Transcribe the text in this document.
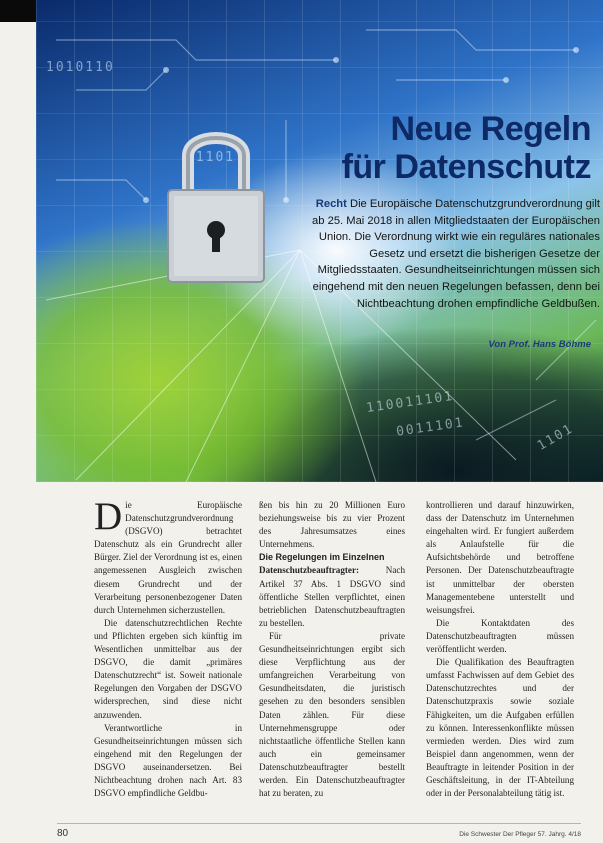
1010110
01101
110011101
0011101	1101
Neue Regeln
für Datenschutz
Recht Die Europäische Datenschutzgrundverordnung gilt ab 25. Mai 2018 in allen Mitgliedstaaten der Europäischen Union. Die Verordnung wirkt wie ein reguläres nationales Gesetz und ersetzt die bisherigen Gesetze der Mitgliedsstaaten. Gesundheitseinrichtungen müssen sich eingehend mit den neuen Regelungen befassen, denn bei Nichtbeachtung drohen empfindliche Geldbußen.
Von Prof. Hans Böhme

Die Europäische Datenschutzgrundverordnung (DSGVO) betrachtet Datenschutz als ein Grundrecht aller Bürger. Ziel der Verordnung ist es, einen angemessenen Ausgleich zwischen diesem Grundrecht und der Verarbeitung personenbezogener Daten durch Unternehmen sicherzustellen.

Die datenschutzrechtlichen Rechte und Pflichten ergeben sich künftig im Wesentlichen unmittelbar aus der DSGVO, die damit „primäres Datenschutzrecht“ ist. Soweit nationale Regelungen den Vorgaben der DSGVO widersprechen, sind diese nicht anzuwenden.

Verantwortliche in Gesundheitseinrichtungen müssen sich eingehend mit den Regelungen der DSGVO auseinandersetzen. Bei Nichtbeachtung drohen nach Art. 83 DSGVO empfindliche Geldbu-

ßen bis hin zu 20 Millionen Euro beziehungsweise bis zu vier Prozent des Jahresumsatzes eines Unternehmens.

Die Regelungen im Einzelnen

Datenschutzbeauftragter: Nach Artikel 37 Abs. 1 DSGVO sind öffentliche Stellen verpflichtet, einen betrieblichen Datenschutzbeauftragten zu bestellen.

Für private Gesundheitseinrichtungen ergibt sich diese Verpflichtung aus der umfangreichen Verarbeitung von Gesundheitsdaten, die juristisch gesehen zu den besonders sensiblen Daten zählen. Für diese Unternehmensgruppe oder nichtstaatliche öffentliche Stellen kann auch ein gemeinsamer Datenschutzbeauftragter bestellt werden. Ein Datenschutzbeauftragter hat zu beraten, zu

kontrollieren und darauf hinzuwirken, dass der Datenschutz im Unternehmen eingehalten wird. Er fungiert außerdem als Anlaufstelle für die Aufsichtsbehörde und betroffene Personen. Der Datenschutzbeauftragte ist unmittelbar der obersten Managementebene unterstellt und weisungsfrei.

Die Kontaktdaten des Datenschutzbeauftragten müssen veröffentlicht werden.

Die Qualifikation des Beauftragten umfasst Fachwissen auf dem Gebiet des Datenschutzrechtes und der Datenschutzpraxis sowie soziale Fähigkeiten, um die Aufgaben erfüllen zu können. Interessenkonflikte müssen vermieden werden. Dies wird zum Beispiel dann angenommen, wenn der Beauftragte in leitender Position in der Geschäftsleitung, in der IT-Abteilung oder in der Personalabteilung tätig ist.

80	Die Schwester Der Pfleger 57. Jahrg. 4/18
